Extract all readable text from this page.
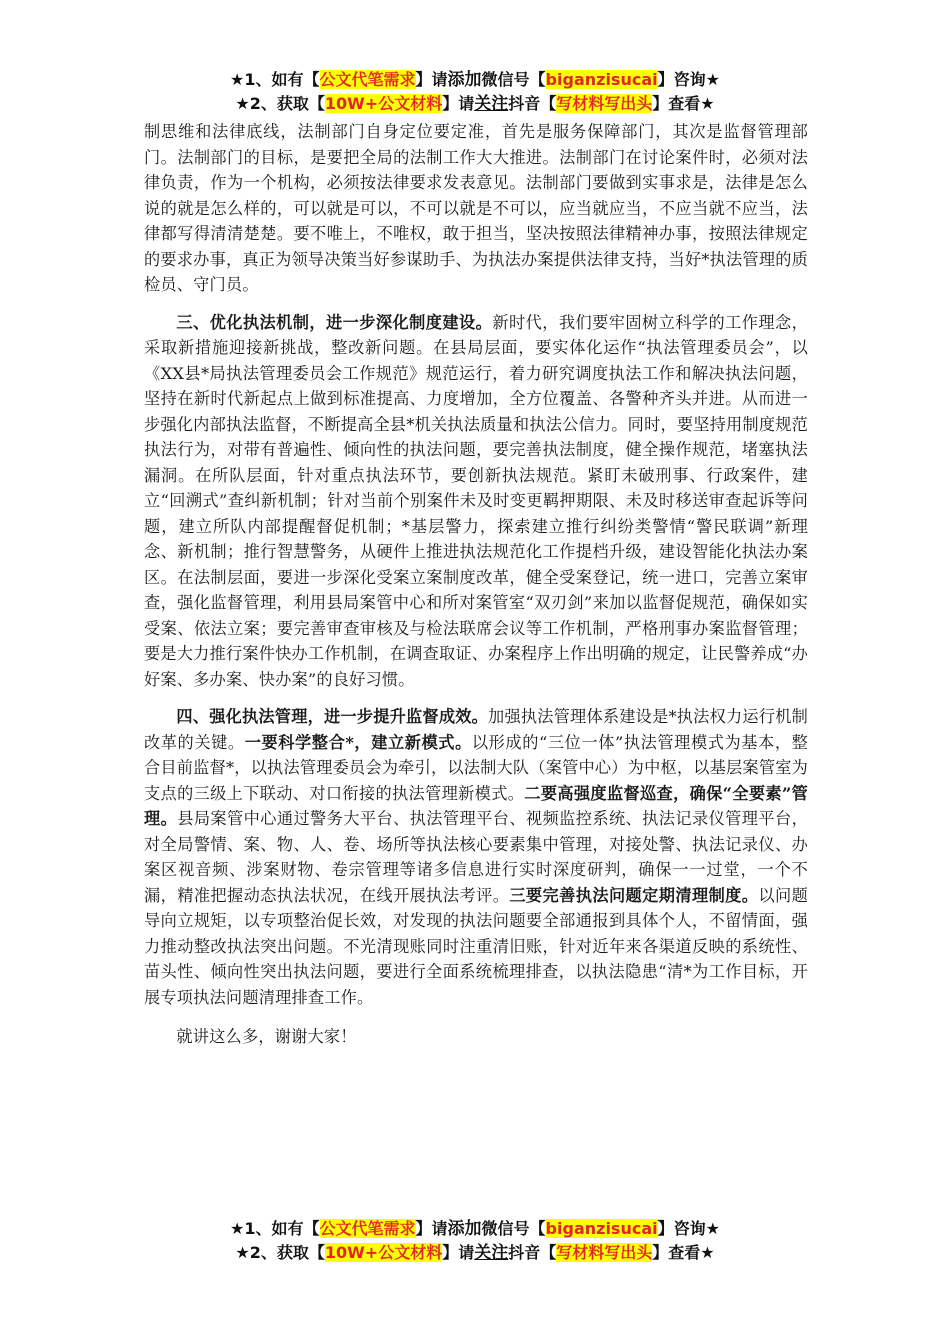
★1、如有【公文代笔需求】请添加微信号【biganzisucai】咨询★
★2、获取【10W+公文材料】请关注抖音【写材料写出头】查看★

制思维和法律底线，法制部门自身定位要定准，首先是服务保障部门，其次是监督管理部门。法制部门的目标，是要把全局的法制工作大大推进。法制部门在讨论案件时，必须对法律负责，作为一个机构，必须按法律要求发表意见。法制部门要做到实事求是，法律是怎么说的就是怎么样的，可以就是可以，不可以就是不可以，应当就应当，不应当就不应当，法律都写得清清楚楚。要不唯上，不唯权，敢于担当，坚决按照法律精神办事，按照法律规定的要求办事，真正为领导决策当好参谋助手、为执法办案提供法律支持，当好*执法管理的质检员、守门员。

三、优化执法机制，进一步深化制度建设。新时代，我们要牢固树立科学的工作理念，采取新措施迎接新挑战，整改新问题。在县局层面，要实体化运作“执法管理委员会”，以《XX县*局执法管理委员会工作规范》规范运行，着力研究调度执法工作和解决执法问题，坚持在新时代新起点上做到标准提高、力度增加，全方位覆盖、各警种齐头并进。从而进一步强化内部执法监督，不断提高全县*机关执法质量和执法公信力。同时，要坚持用制度规范执法行为，对带有普遍性、倾向性的执法问题，要完善执法制度，健全操作规范，堵塞执法漏洞。在所队层面，针对重点执法环节，要创新执法规范。紧盯未破刑事、行政案件，建立“回溯式”查纠新机制；针对当前个别案件未及时变更羁押期限、未及时移送审查起诉等问题，建立所队内部提醒督促机制；*基层警力，探索建立推行纠纷类警情“警民联调”新理念、新机制；推行智慧警务，从硬件上推进执法规范化工作提档升级，建设智能化执法办案区。在法制层面，要进一步深化受案立案制度改革，健全受案登记，统一进口，完善立案审查，强化监督管理，利用县局案管中心和所对案管室“双刃剑”来加以监督促规范，确保如实受案、依法立案；要完善审查审核及与检法联席会议等工作机制，严格刑事办案监督管理；要是大力推行案件快办工作机制，在调查取证、办案程序上作出明确的规定，让民警养成“办好案、多办案、快办案”的良好习惯。

四、强化执法管理，进一步提升监督成效。加强执法管理体系建设是*执法权力运行机制改革的关键。一要科学整合*，建立新模式。以形成的“三位一体”执法管理模式为基本，整合目前监督*，以执法管理委员会为牵引，以法制大队（案管中心）为中枢，以基层案管室为支点的三级上下联动、对口衔接的执法管理新模式。二要高强度监督巡查，确保“全要素”管理。县局案管中心通过警务大平台、执法管理平台、视频监控系统、执法记录仪管理平台，对全局警情、案、物、人、卷、场所等执法核心要素集中管理，对接处警、执法记录仪、办案区视音频、涉案财物、卷宗管理等诸多信息进行实时深度研判，确保一一过堂，一个不漏，精准把握动态执法状况，在线开展执法考评。三要完善执法问题定期清理制度。以问题导向立规矩，以专项整治促长效，对发现的执法问题要全部通报到具体个人，不留情面，强力推动整改执法突出问题。不光清现账同时注重清旧账，针对近年来各渠道反映的系统性、苗头性、倾向性突出执法问题，要进行全面系统梳理排查，以执法隐患“清*为工作目标，开展专项执法问题清理排查工作。

就讲这么多，谢谢大家！

★1、如有【公文代笔需求】请添加微信号【biganzisucai】咨询★
★2、获取【10W+公文材料】请关注抖音【写材料写出头】查看★
